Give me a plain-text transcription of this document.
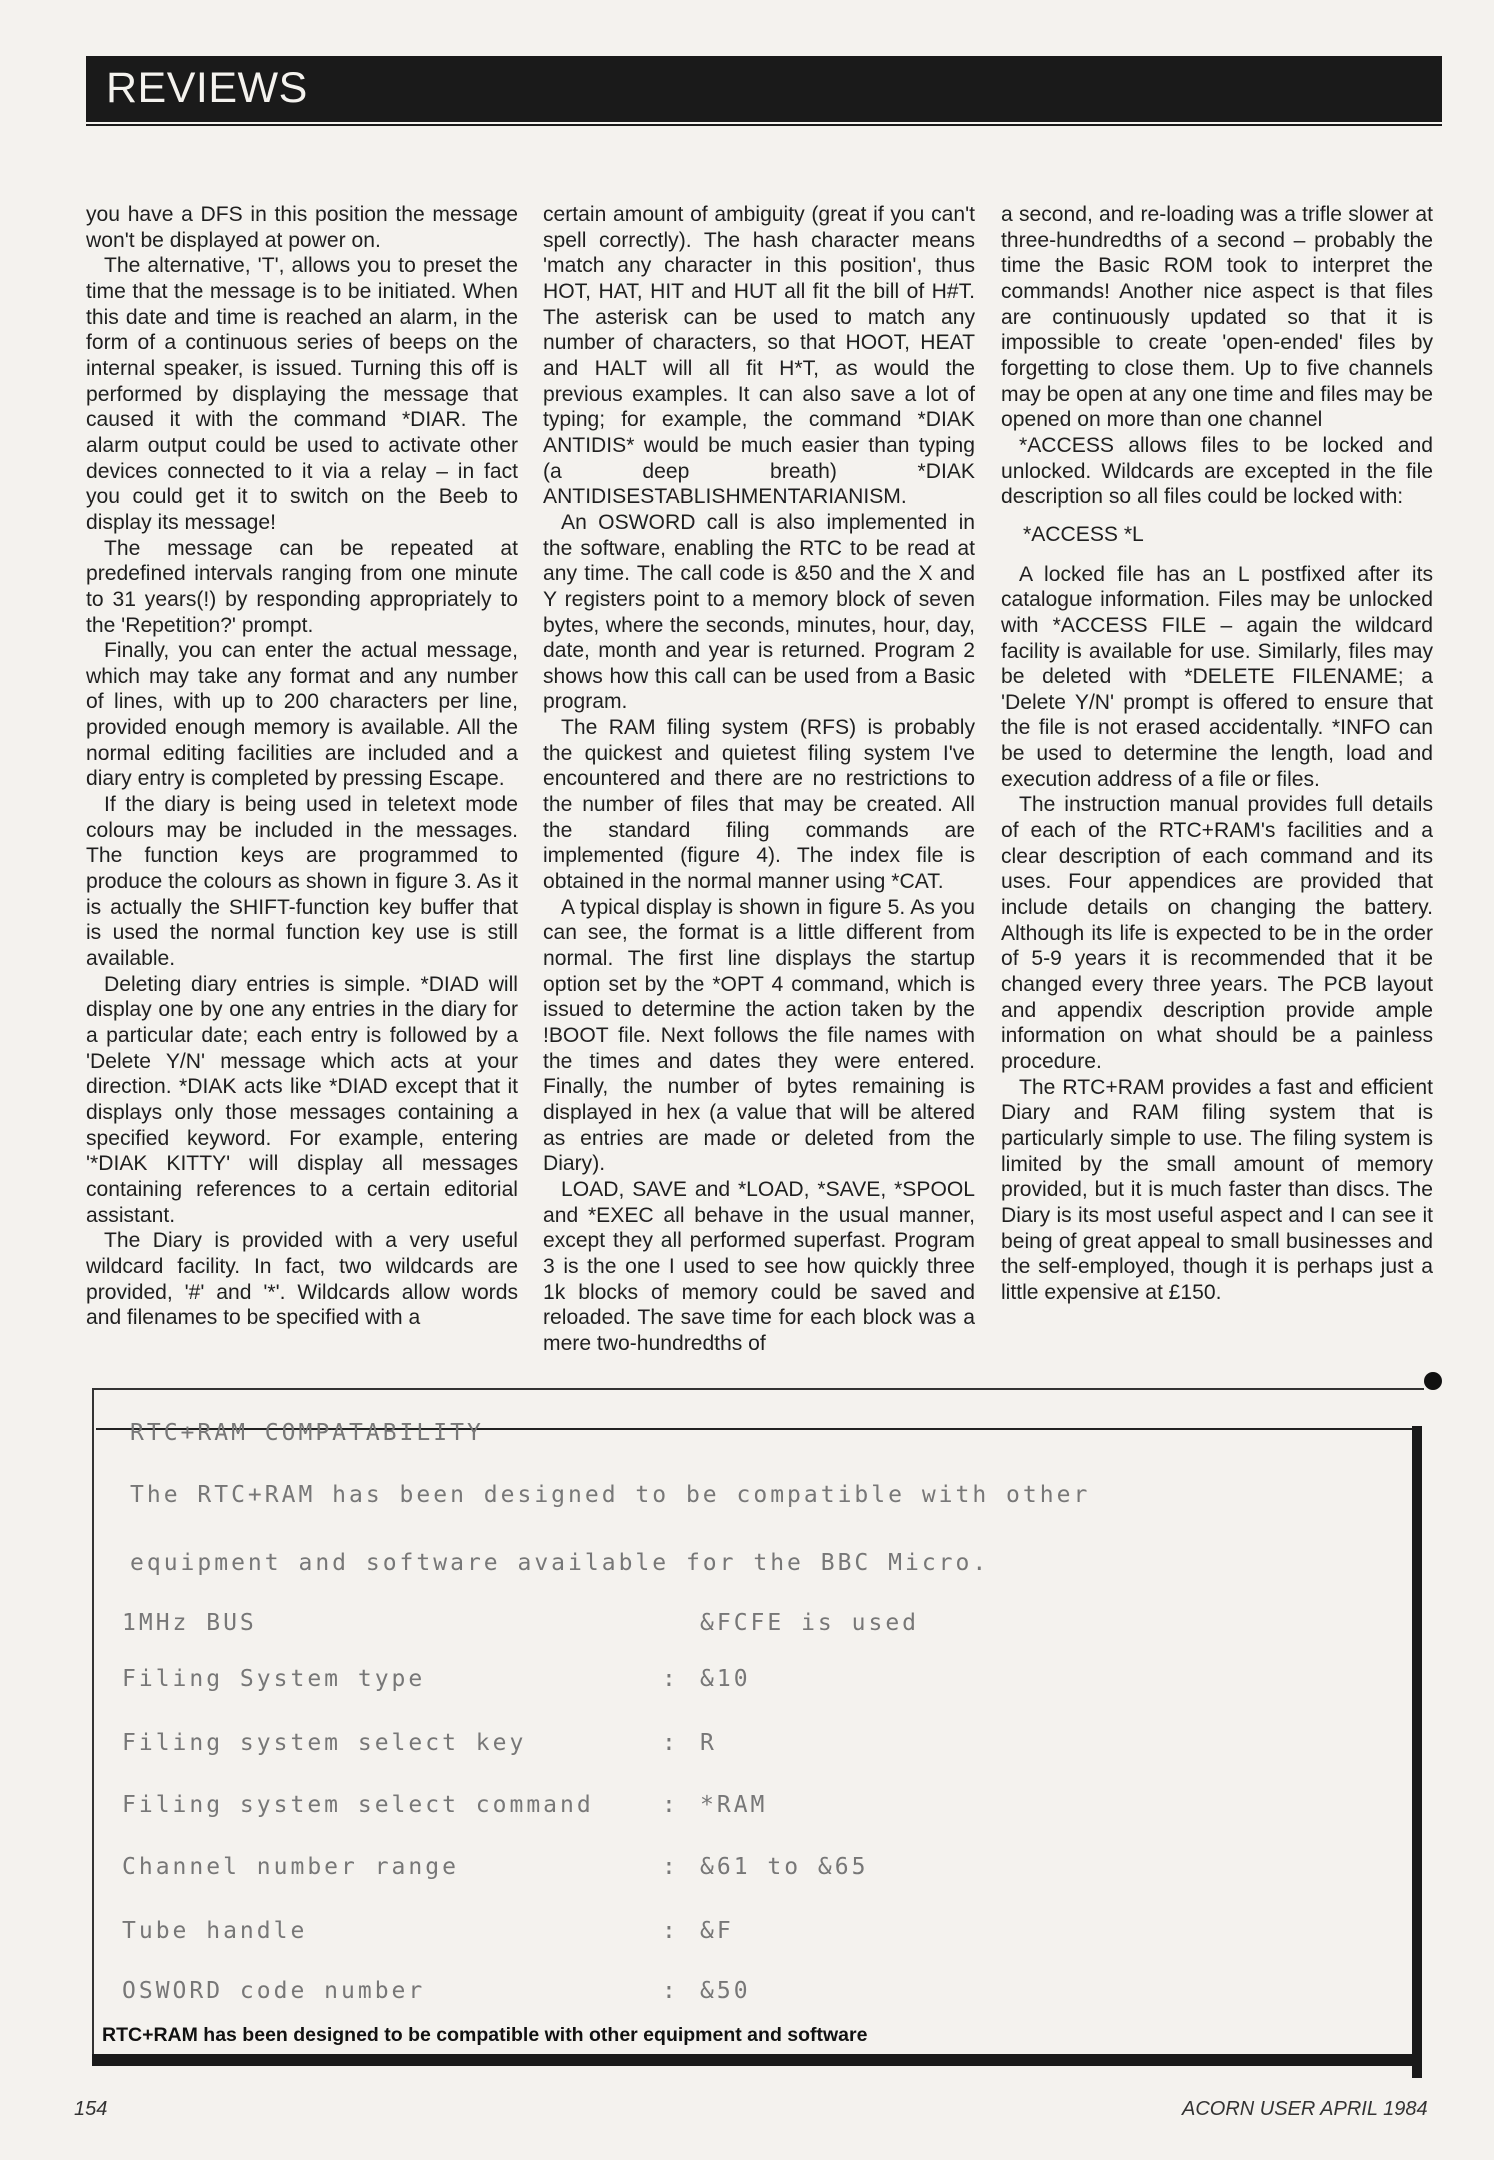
REVIEWS

you have a DFS in this position the message won't be displayed at power on.

The alternative, 'T', allows you to preset the time that the message is to be initiated. When this date and time is reached an alarm, in the form of a continuous series of beeps on the internal speaker, is issued. Turning this off is performed by displaying the message that caused it with the command *DIAR. The alarm output could be used to activate other devices connected to it via a relay – in fact you could get it to switch on the Beeb to display its message!

The message can be repeated at predefined intervals ranging from one minute to 31 years(!) by responding appropriately to the 'Repetition?' prompt.

Finally, you can enter the actual message, which may take any format and any number of lines, with up to 200 characters per line, provided enough memory is available. All the normal editing facilities are included and a diary entry is completed by pressing Escape.

If the diary is being used in teletext mode colours may be included in the messages. The function keys are programmed to produce the colours as shown in figure 3. As it is actually the SHIFT-function key buffer that is used the normal function key use is still available.

Deleting diary entries is simple. *DIAD will display one by one any entries in the diary for a particular date; each entry is followed by a 'Delete Y/N' message which acts at your direction. *DIAK acts like *DIAD except that it displays only those messages containing a specified keyword. For example, entering '*DIAK KITTY' will display all messages containing references to a certain editorial assistant.

The Diary is provided with a very useful wildcard facility. In fact, two wildcards are provided, '#' and '*'. Wildcards allow words and filenames to be specified with a

certain amount of ambiguity (great if you can't spell correctly). The hash character means 'match any character in this position', thus HOT, HAT, HIT and HUT all fit the bill of H#T. The asterisk can be used to match any number of characters, so that HOOT, HEAT and HALT will all fit H*T, as would the previous examples. It can also save a lot of typing; for example, the command *DIAK ANTIDIS* would be much easier than typing (a deep breath) *DIAK ANTIDISESTABLISHMENTARIANISM.

An OSWORD call is also implemented in the software, enabling the RTC to be read at any time. The call code is &50 and the X and Y registers point to a memory block of seven bytes, where the seconds, minutes, hour, day, date, month and year is returned. Program 2 shows how this call can be used from a Basic program.

The RAM filing system (RFS) is probably the quickest and quietest filing system I've encountered and there are no restrictions to the number of files that may be created. All the standard filing commands are implemented (figure 4). The index file is obtained in the normal manner using *CAT.

A typical display is shown in figure 5. As you can see, the format is a little different from normal. The first line displays the startup option set by the *OPT 4 command, which is issued to determine the action taken by the !BOOT file. Next follows the file names with the times and dates they were entered. Finally, the number of bytes remaining is displayed in hex (a value that will be altered as entries are made or deleted from the Diary).

LOAD, SAVE and *LOAD, *SAVE, *SPOOL and *EXEC all behave in the usual manner, except they all performed superfast. Program 3 is the one I used to see how quickly three 1k blocks of memory could be saved and reloaded. The save time for each block was a mere two-hundredths of

a second, and re-loading was a trifle slower at three-hundredths of a second – probably the time the Basic ROM took to interpret the commands! Another nice aspect is that files are continuously updated so that it is impossible to create 'open-ended' files by forgetting to close them. Up to five channels may be open at any one time and files may be opened on more than one channel

*ACCESS allows files to be locked and unlocked. Wildcards are excepted in the file description so all files could be locked with:

*ACCESS *L

A locked file has an L postfixed after its catalogue information. Files may be unlocked with *ACCESS FILE – again the wildcard facility is available for use. Similarly, files may be deleted with *DELETE FILENAME; a 'Delete Y/N' prompt is offered to ensure that the file is not erased accidentally. *INFO can be used to determine the length, load and execution address of a file or files.

The instruction manual provides full details of each of the RTC+RAM's facilities and a clear description of each command and its uses. Four appendices are provided that include details on changing the battery. Although its life is expected to be in the order of 5-9 years it is recommended that it be changed every three years. The PCB layout and appendix description provide ample information on what should be a painless procedure.

The RTC+RAM provides a fast and efficient Diary and RAM filing system that is particularly simple to use. The filing system is limited by the small amount of memory provided, but it is much faster than discs. The Diary is its most useful aspect and I can see it being of great appeal to small businesses and the self-employed, though it is perhaps just a little expensive at £150.

RTC+RAM COMPATABILITY
The RTC+RAM has been designed to be compatible with other
equipment and software available for the BBC Micro.
1MHz BUS	&FCFE is used
Filing System type	: &10
Filing system select key	: R
Filing system select command	: *RAM
Channel number range	: &61 to &65
Tube handle	: &F
OSWORD code number	: &50
RTC+RAM has been designed to be compatible with other equipment and software
154	ACORN USER APRIL 1984
